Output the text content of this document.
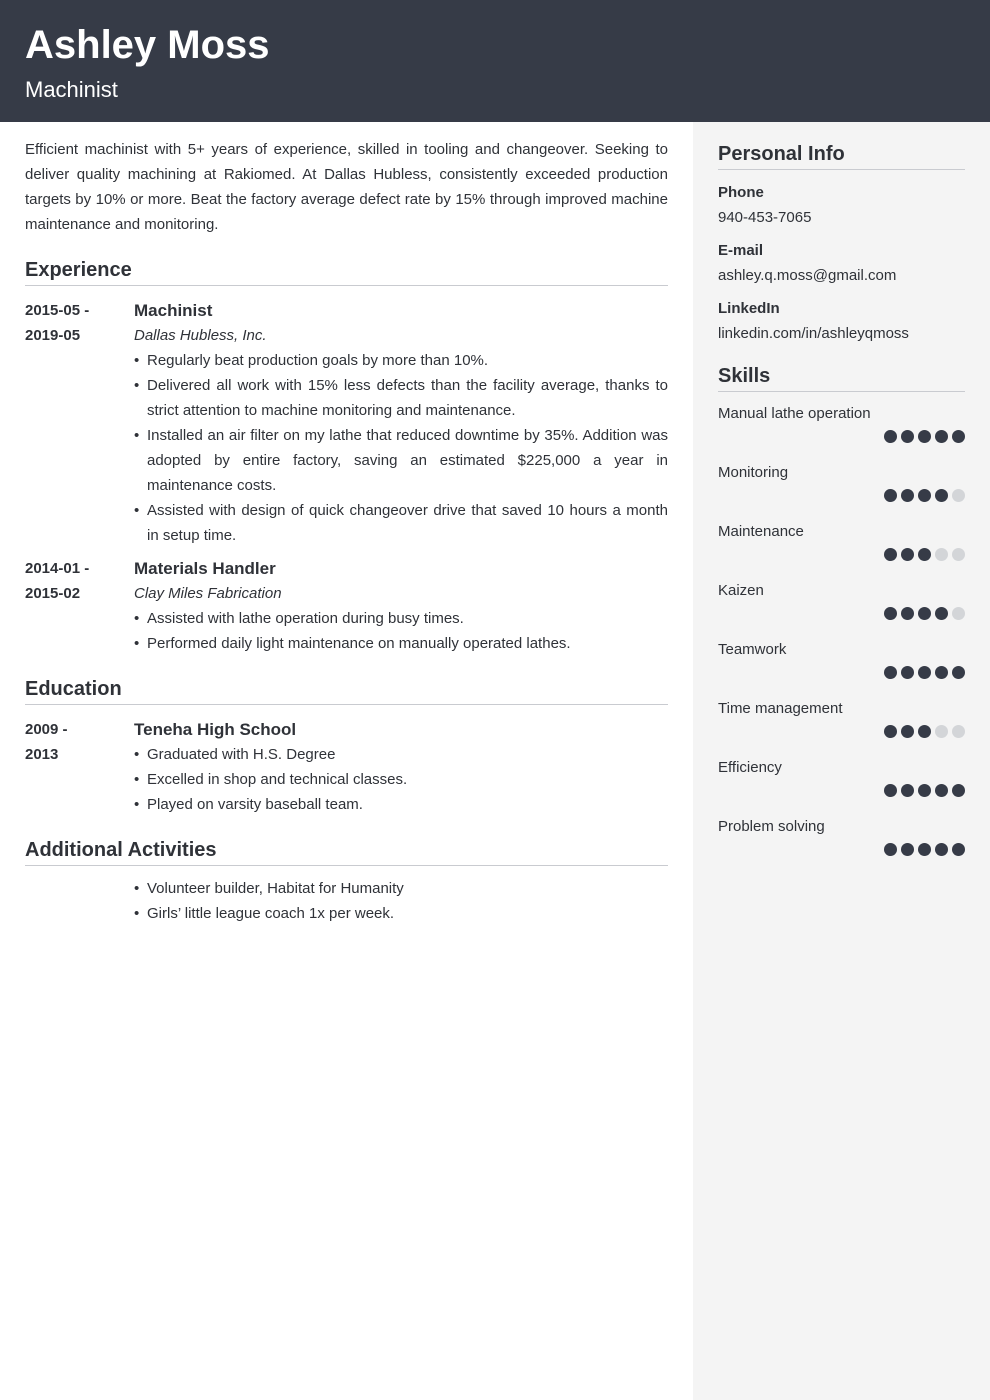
Ashley Moss
Machinist
Efficient machinist with 5+ years of experience, skilled in tooling and changeover. Seeking to deliver quality machining at Rakiomed. At Dallas Hubless, consistently exceeded production targets by 10% or more. Beat the factory average defect rate by 15% through improved machine maintenance and monitoring.
Experience
2015-05 -
2019-05
Machinist
Dallas Hubless, Inc.
• Regularly beat production goals by more than 10%.
• Delivered all work with 15% less defects than the facility average, thanks to strict attention to machine monitoring and maintenance.
• Installed an air filter on my lathe that reduced downtime by 35%. Addition was adopted by entire factory, saving an estimated $225,000 a year in maintenance costs.
• Assisted with design of quick changeover drive that saved 10 hours a month in setup time.
2014-01 -
2015-02
Materials Handler
Clay Miles Fabrication
• Assisted with lathe operation during busy times.
• Performed daily light maintenance on manually operated lathes.
Education
2009 -
2013
Teneha High School
• Graduated with H.S. Degree
• Excelled in shop and technical classes.
• Played on varsity baseball team.
Additional Activities
• Volunteer builder, Habitat for Humanity
• Girls’ little league coach 1x per week.
Personal Info
Phone
940-453-7065
E-mail
ashley.q.moss@gmail.com
LinkedIn
linkedin.com/in/ashleyqmoss
Skills
Manual lathe operation
Monitoring
Maintenance
Kaizen
Teamwork
Time management
Efficiency
Problem solving
